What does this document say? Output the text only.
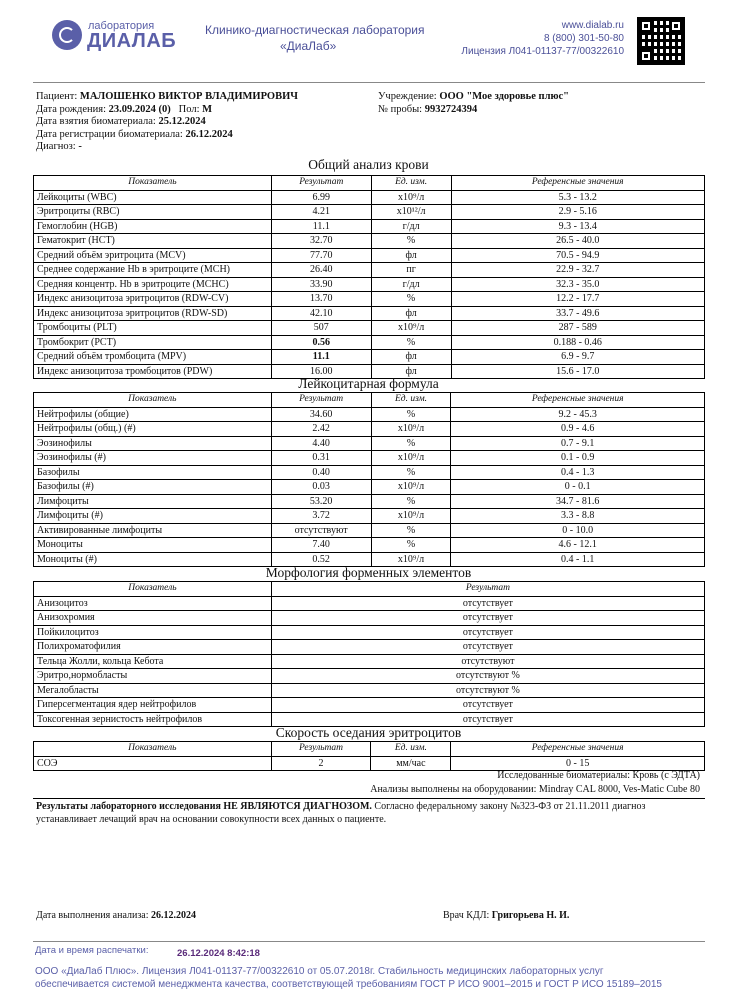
лаборатория
ДИАЛАБ Клинико-диагностическая лаборатория
«ДиаЛаб»
www.dialab.ru
8 (800) 301-50-80
Лицензия Л041-01137-77/00322610
Пациент: МАЛОШЕНКО ВИКТОР ВЛАДИМИРОВИЧ
Дата рождения: 23.09.2024 (0) Пол: М
Дата взятия биоматериала: 25.12.2024
Дата регистрации биоматериала: 26.12.2024
Диагноз: -
Учреждение: ООО "Мое здоровье плюс"
№ пробы: 9932724394
Общий анализ крови
Показатель	Результат	Ед. изм.	Референсные значения
Лейкоциты (WBC)	6.99	x10⁹/л	5.3 - 13.2
Эритроциты (RBC)	4.21	x10¹²/л	2.9 - 5.16
Гемоглобин (HGB)	11.1	г/дл	9.3 - 13.4
Гематокрит (HCT)	32.70	%	26.5 - 40.0
Средний объём эритроцита (MCV)	77.70	фл	70.5 - 94.9
Среднее содержание Hb в эритроците (MCH)	26.40	пг	22.9 - 32.7
Средняя концентр. Hb в эритроците (MCHC)	33.90	г/дл	32.3 - 35.0
Индекс анизоцитоза эритроцитов (RDW-CV)	13.70	%	12.2 - 17.7
Индекс анизоцитоза эритроцитов (RDW-SD)	42.10	фл	33.7 - 49.6
Тромбоциты (PLT)	507	x10⁹/л	287 - 589
Тромбокрит (PCT)	0.56	%	0.188 - 0.46
Средний объём тромбоцита (MPV)	11.1	фл	6.9 - 9.7
Индекс анизоцитоза тромбоцитов (PDW)	16.00	фл	15.6 - 17.0
Лейкоцитарная формула
Показатель	Результат	Ед. изм.	Референсные значения
Нейтрофилы (общие)	34.60	%	9.2 - 45.3
Нейтрофилы (общ.) (#)	2.42	x10⁹/л	0.9 - 4.6
Эозинофилы	4.40	%	0.7 - 9.1
Эозинофилы (#)	0.31	x10⁹/л	0.1 - 0.9
Базофилы	0.40	%	0.4 - 1.3
Базофилы (#)	0.03	x10⁹/л	0 - 0.1
Лимфоциты	53.20	%	34.7 - 81.6
Лимфоциты (#)	3.72	x10⁹/л	3.3 - 8.8
Активированные лимфоциты	отсутствуют	%	0 - 10.0
Моноциты	7.40	%	4.6 - 12.1
Моноциты (#)	0.52	x10⁹/л	0.4 - 1.1
Морфология форменных элементов
Показатель	Результат
Анизоцитоз	отсутствует
Анизохромия	отсутствует
Пойкилоцитоз	отсутствует
Полихроматофилия	отсутствует
Тельца Жолли, кольца Кебота	отсутствуют
Эритро,нормобласты	отсутствуют %
Мегалобласты	отсутствуют %
Гиперсегментация ядер нейтрофилов	отсутствует
Токсогенная зернистость нейтрофилов	отсутствует
Скорость оседания эритроцитов
Показатель	Результат	Ед. изм.	Референсные значения
СОЭ	2	мм/час	0 - 15
Исследованные биоматериалы: Кровь (с ЭДТА)
Анализы выполнены на оборудовании: Mindray CAL 8000, Ves-Matic Cube 80
Результаты лабораторного исследования НЕ ЯВЛЯЮТСЯ ДИАГНОЗОМ. Согласно федеральному закону №323-ФЗ от 21.11.2011 диагноз
устанавливает лечащий врач на основании совокупности всех данных о пациенте.
Дата выполнения анализа: 26.12.2024	Врач КДЛ: Григорьева Н. И.
Дата и время распечатки:	26.12.2024 8:42:18
ООО «ДиаЛаб Плюс». Лицензия Л041-01137-77/00322610 от 05.07.2018г. Стабильность медицинских лабораторных услуг
обеспечивается системой менеджмента качества, соответствующей требованиям ГОСТ Р ИСО 9001–2015 и ГОСТ Р ИСО 15189–2015
